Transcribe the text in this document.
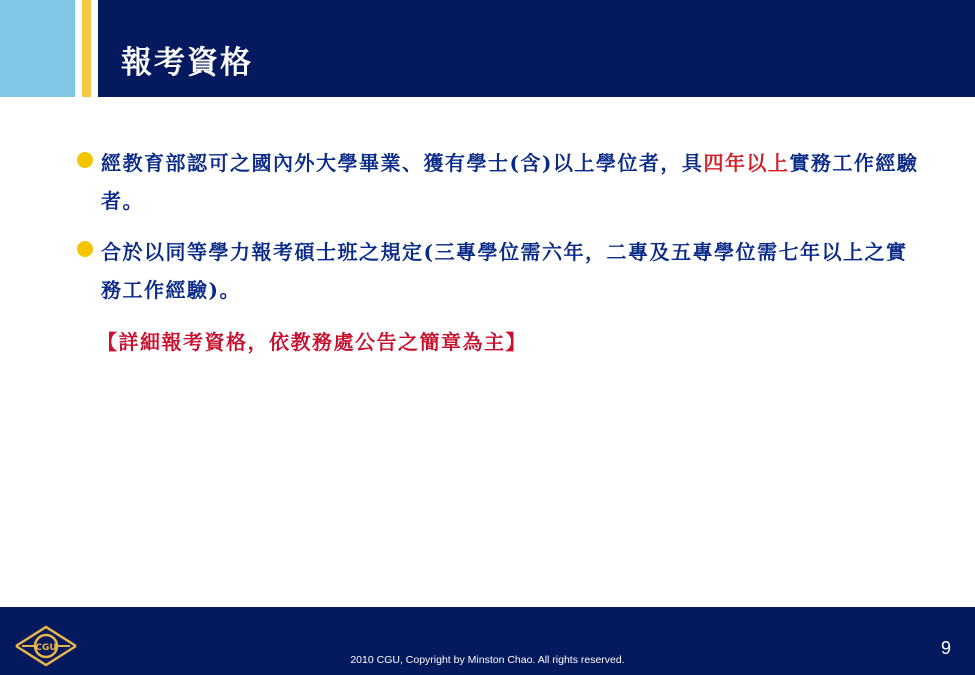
報考資格
經教育部認可之國內外大學畢業、獲有學士(含)以上學位者，具四年以上實務工作經驗者。
合於以同等學力報考碩士班之規定(三專學位需六年，二專及五專學位需七年以上之實務工作經驗)。
【詳細報考資格，依教務處公告之簡章為主】
CGU
2010 CGU, Copyright by Minston Chao. All rights reserved.
9
